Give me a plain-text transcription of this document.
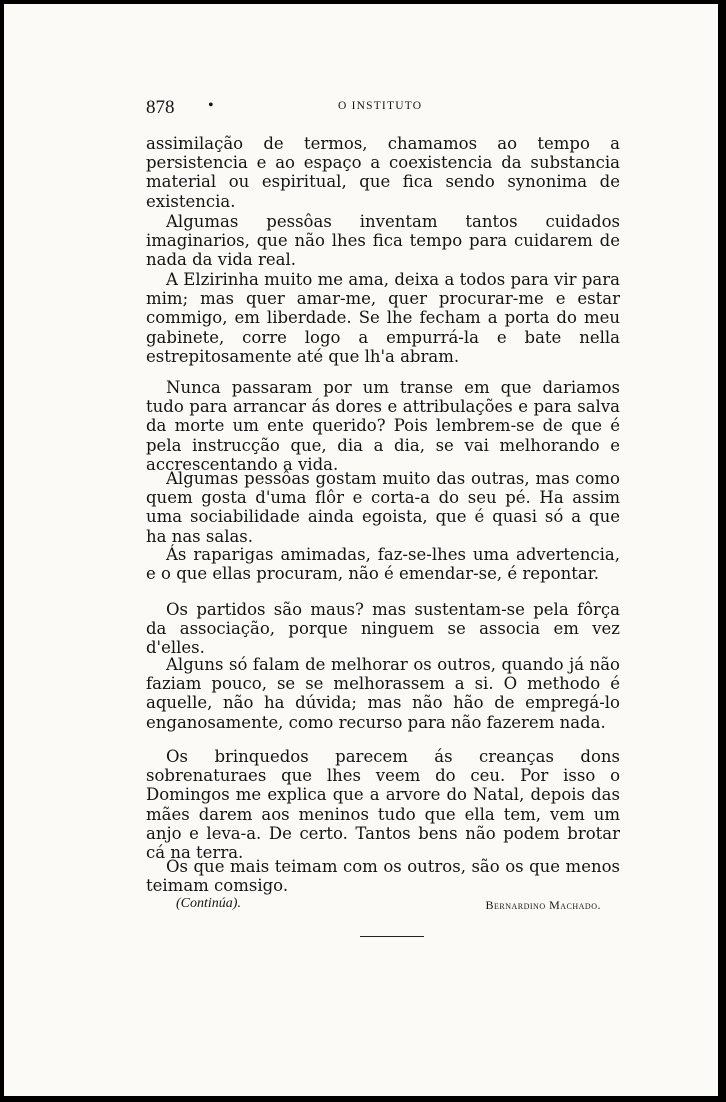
878 •	O INSTITUTO

assimilação de termos, chamamos ao tempo a persistencia e ao espaço a coexistencia da substancia material ou espiritual, que fica sendo synonima de existencia.

Algumas pessôas inventam tantos cuidados imaginarios, que não lhes fica tempo para cuidarem de nada da vida real.

A Elzirinha muito me ama, deixa a todos para vir para mim; mas quer amar-me, quer procurar-me e estar commigo, em liberdade. Se lhe fecham a porta do meu gabinete, corre logo a empurrá-la e bate nella estrepitosamente até que lh'a abram.

Nunca passaram por um transe em que dariamos tudo para arrancar ás dores e attribulações e para salva da morte um ente querido? Pois lembrem-se de que é pela instrucção que, dia a dia, se vai melhorando e accrescentando a vida.

Algumas pessôas gostam muito das outras, mas como quem gosta d'uma flôr e corta-a do seu pé. Ha assim uma sociabilidade ainda egoista, que é quasi só a que ha nas salas.

Ás raparigas amimadas, faz-se-lhes uma advertencia, e o que ellas procuram, não é emendar-se, é repontar.

Os partidos são maus? mas sustentam-se pela fôrça da associação, porque ninguem se associa em vez d'elles.

Alguns só falam de melhorar os outros, quando já não faziam pouco, se se melhorassem a si. O methodo é aquelle, não ha dúvida; mas não hão de empregá-lo enganosamente, como recurso para não fazerem nada.

Os brinquedos parecem ás creanças dons sobrenaturaes que lhes veem do ceu. Por isso o Domingos me explica que a arvore do Natal, depois das mães darem aos meninos tudo que ella tem, vem um anjo e leva-a. De certo. Tantos bens não podem brotar cá na terra.

Os que mais teimam com os outros, são os que menos teimam comsigo.

(Continúa).	Bernardino Machado.
